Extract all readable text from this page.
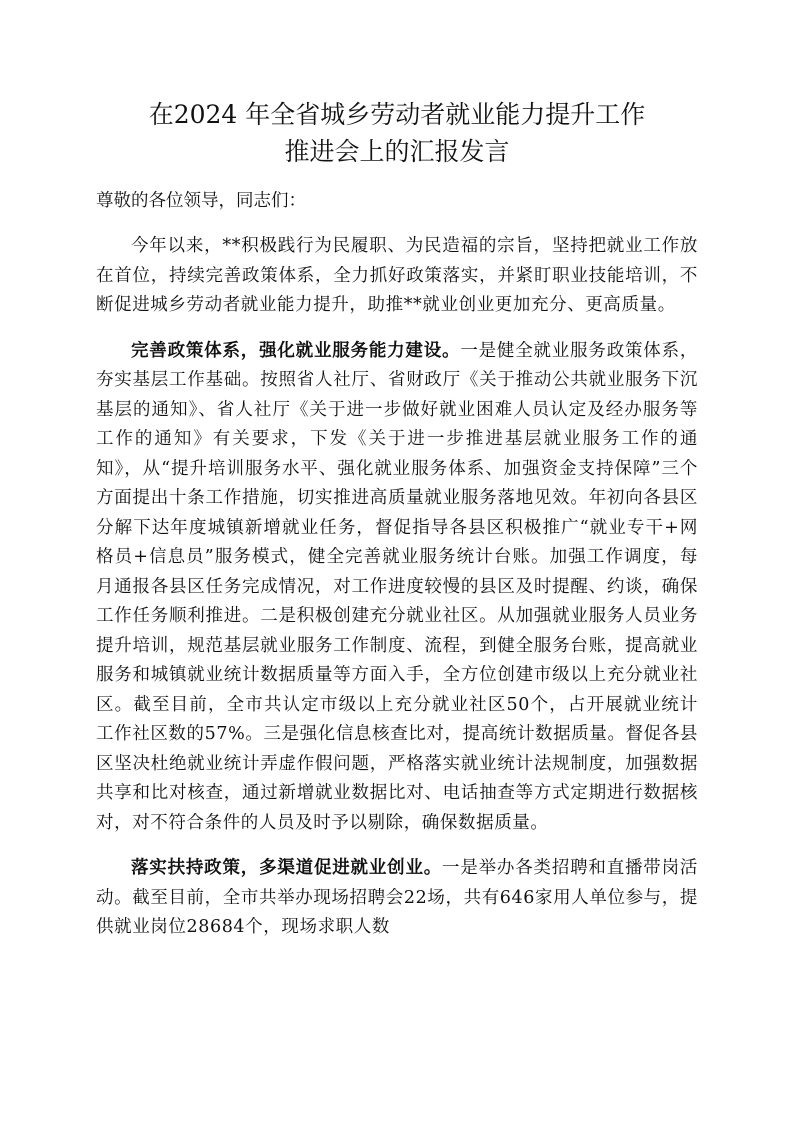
在2024 年全省城乡劳动者就业能力提升工作
推进会上的汇报发言

尊敬的各位领导，同志们：

今年以来，**积极践行为民履职、为民造福的宗旨，坚持把就业工作放在首位，持续完善政策体系，全力抓好政策落实，并紧盯职业技能培训，不断促进城乡劳动者就业能力提升，助推**就业创业更加充分、更高质量。

完善政策体系，强化就业服务能力建设。一是健全就业服务政策体系，夯实基层工作基础。按照省人社厅、省财政厅《关于推动公共就业服务下沉基层的通知》、省人社厅《关于进一步做好就业困难人员认定及经办服务等工作的通知》有关要求，下发《关于进一步推进基层就业服务工作的通知》，从“提升培训服务水平、强化就业服务体系、加强资金支持保障”三个方面提出十条工作措施，切实推进高质量就业服务落地见效。年初向各县区分解下达年度城镇新增就业任务，督促指导各县区积极推广“就业专干+网格员+信息员”服务模式，健全完善就业服务统计台账。加强工作调度，每月通报各县区任务完成情况，对工作进度较慢的县区及时提醒、约谈，确保工作任务顺利推进。二是积极创建充分就业社区。从加强就业服务人员业务提升培训，规范基层就业服务工作制度、流程，到健全服务台账，提高就业服务和城镇就业统计数据质量等方面入手，全方位创建市级以上充分就业社区。截至目前，全市共认定市级以上充分就业社区50个，占开展就业统计工作社区数的57%。三是强化信息核查比对，提高统计数据质量。督促各县区坚决杜绝就业统计弄虚作假问题，严格落实就业统计法规制度，加强数据共享和比对核查，通过新增就业数据比对、电话抽查等方式定期进行数据核对，对不符合条件的人员及时予以剔除，确保数据质量。

落实扶持政策，多渠道促进就业创业。一是举办各类招聘和直播带岗活动。截至目前，全市共举办现场招聘会22场，共有646家用人单位参与，提供就业岗位28684个，现场求职人数
